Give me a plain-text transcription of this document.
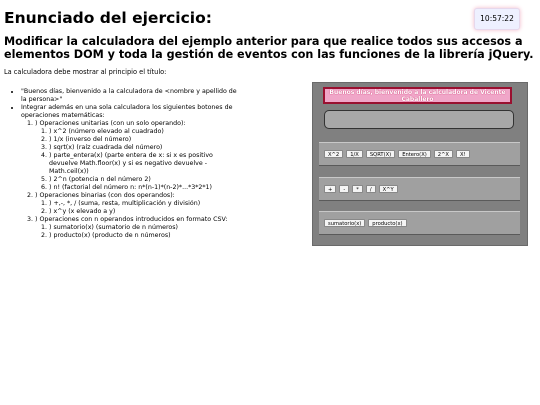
Enunciado del ejercicio:	10:57:22
Modificar la calculadora del ejemplo anterior para que realice todos sus accesos a elementos DOM y toda la gestión de eventos con las funciones de la librería jQuery.

La calculadora debe mostrar al principio el título:

• "Buenos días, bienvenido a la calculadora de <nombre y apellido de la persona>"
• Integrar además en una sola calculadora los siguientes botones de operaciones matemáticas:
1. ) Operaciones unitarias (con un solo operando):
1. ) x^2 (número elevado al cuadrado)
2. ) 1/x (inverso del número)
3. ) sqrt(x) (raíz cuadrada del número)
4. ) parte_entera(x) (parte entera de x: si x es positivo devuelve Math.floor(x) y si es negativo devuelve - Math.ceil(x))
5. ) 2^n (potencia n del número 2)
6. ) n! (factorial del número n: n*(n-1)*(n-2)*...*3*2*1)
2. ) Operaciones binarias (con dos operandos):
1. ) +,-, *, / (suma, resta, multiplicación y división)
2. ) x^y (x elevado a y)
3. ) Operaciones con n operandos introducidos en formato CSV:
1. ) sumatorio(x) (sumatorio de n números)
2. ) producto(x) (producto de n números)
Buenos días, bienvenido a la calculadora de Vicente Caballero
X^2	1/X	SQRT(X)	Entero(X)	2^X	X!
+	-	*	/	X^Y
sumatorio(x)	producto(x)
